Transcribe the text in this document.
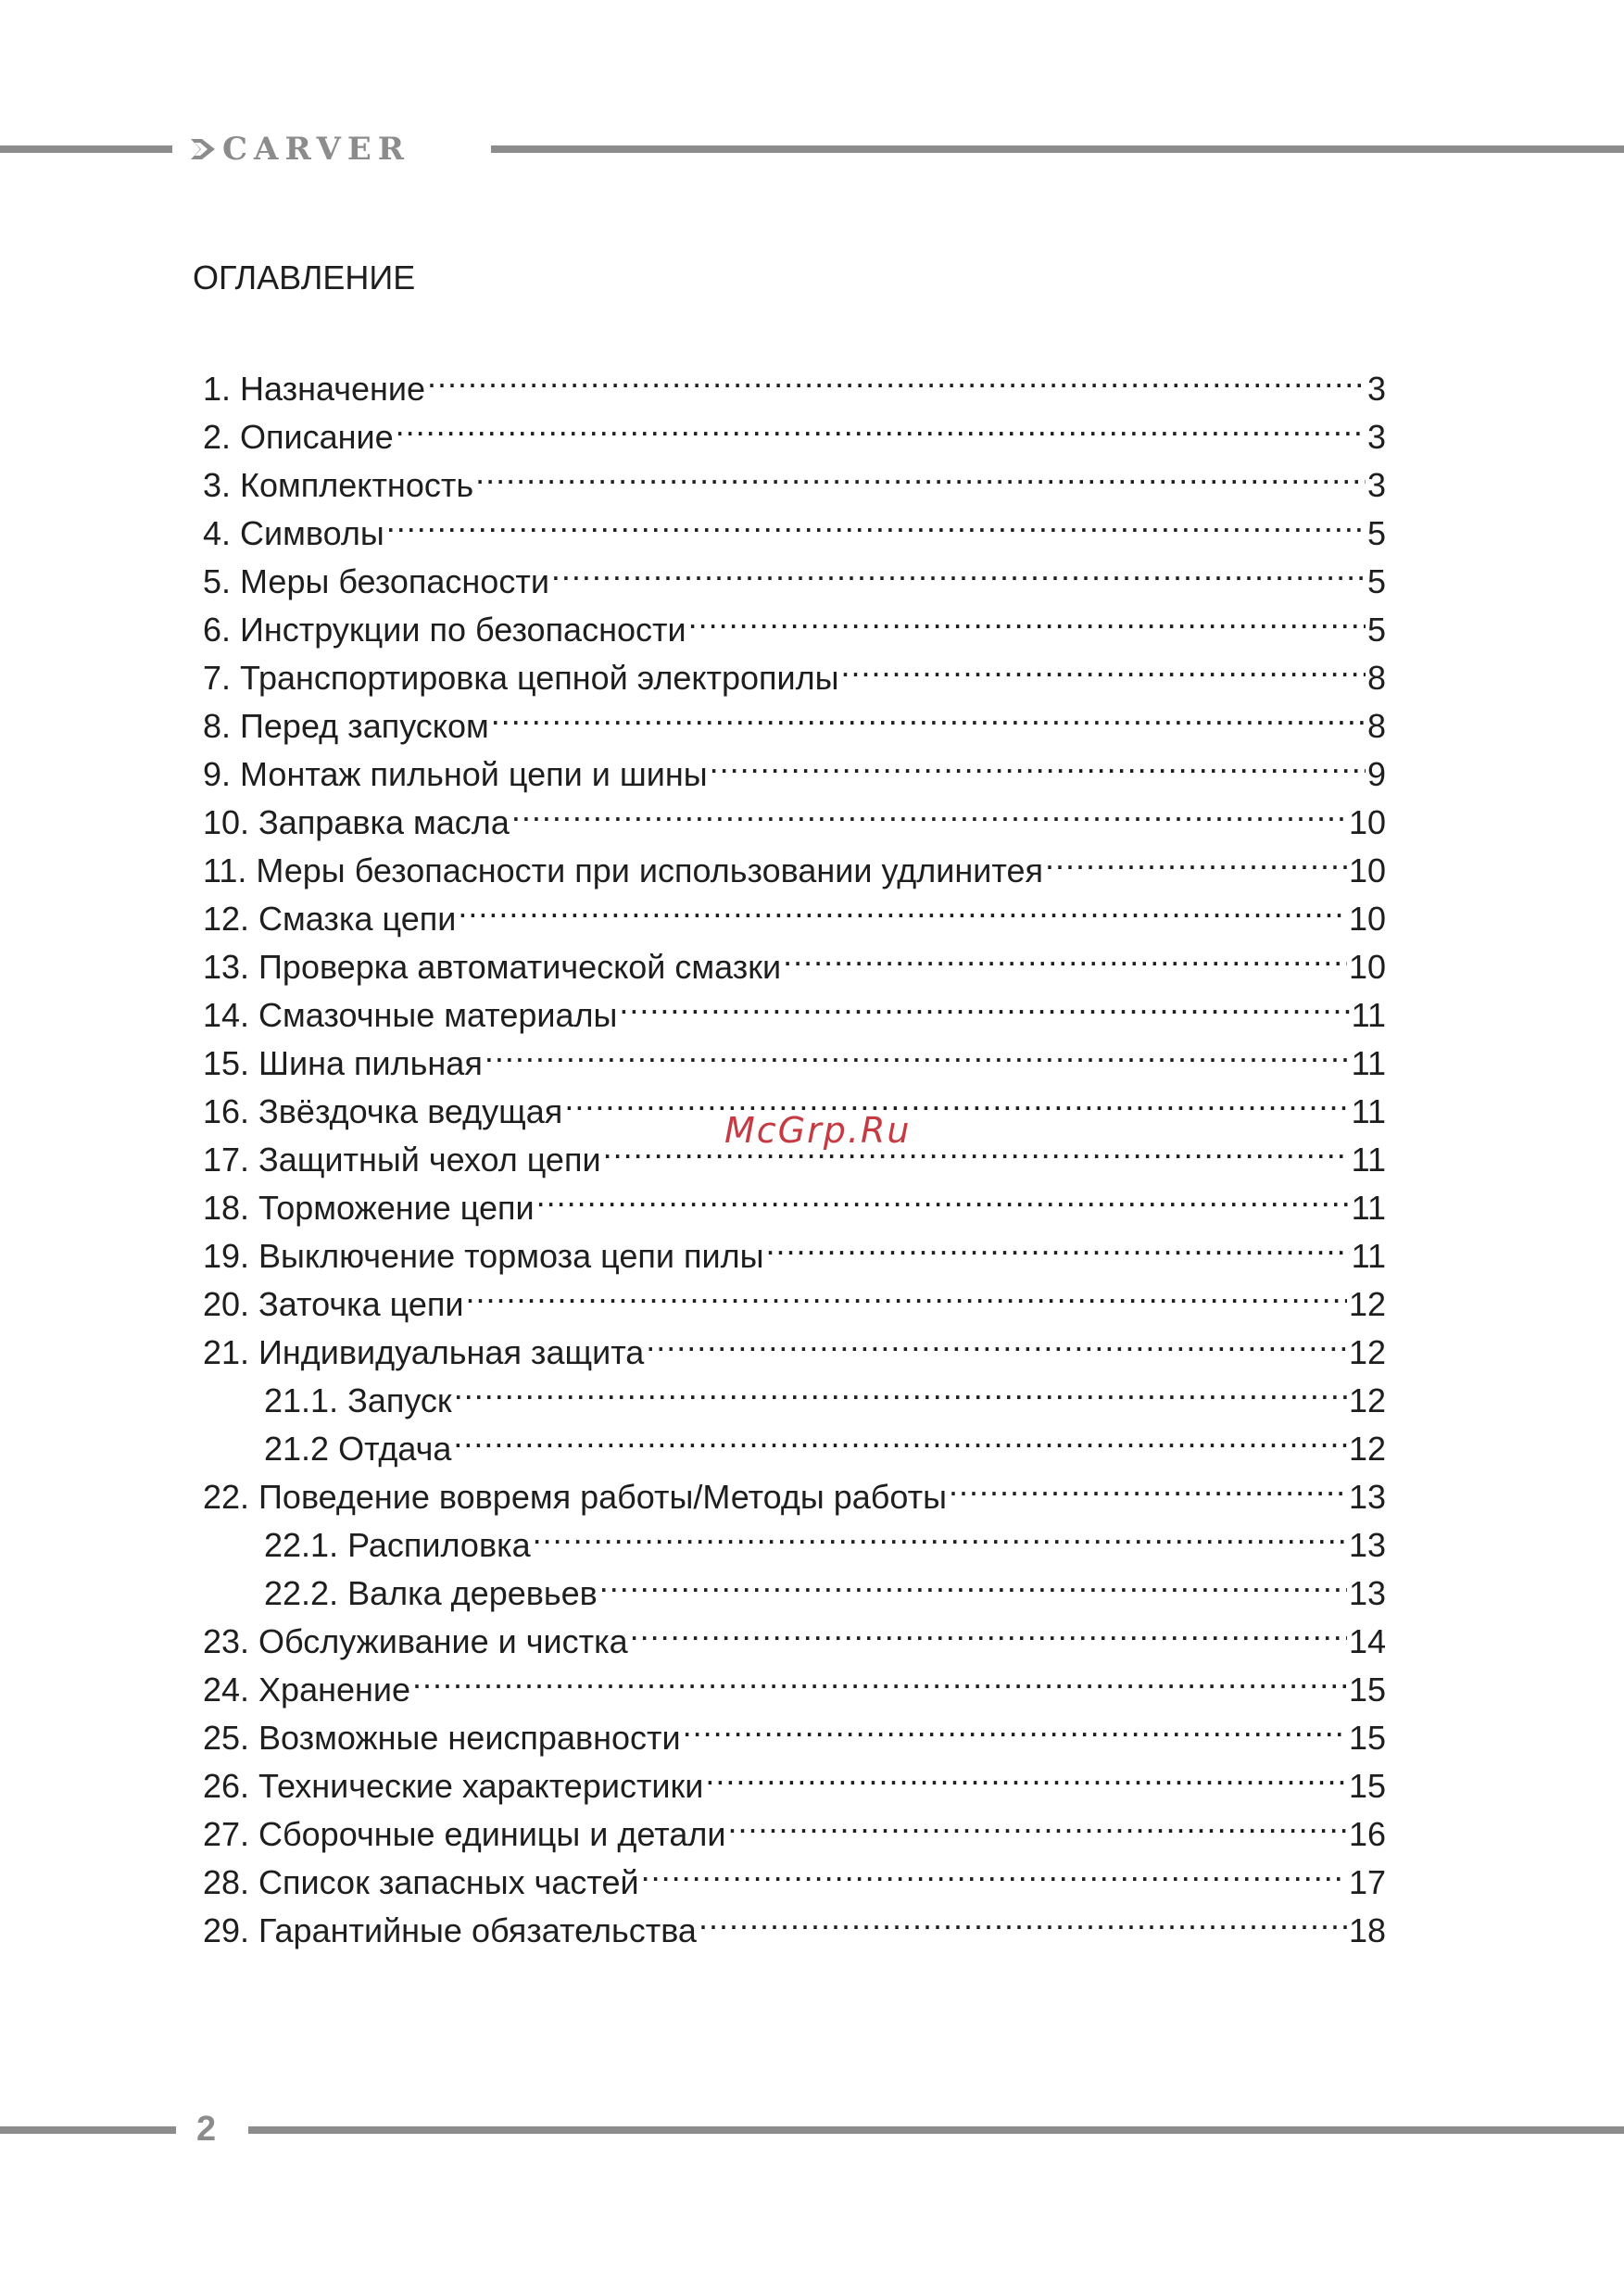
CARVER
ОГЛАВЛЕНИЕ
1. Назначение .....	3
2. Описание .....	3
3. Комплектность .....	3
4. Символы .....	5
5. Меры безопасности .....	5
6. Инструкции по безопасности .....	5
7. Транспортировка цепной электропилы .....	8
8. Перед запуском .....	8
9. Монтаж пильной цепи и шины .....	9
10. Заправка масла .....	10
11. Меры безопасности при использовании удлинитея .....	10
12. Смазка цепи .....	10
13. Проверка автоматической смазки .....	10
14. Смазочные материалы .....	11
15. Шина пильная .....	11
16. Звёздочка ведущая .....	11
17. Защитный чехол цепи .....	11
18. Торможение цепи .....	11
19. Выключение тормоза цепи пилы .....	11
20. Заточка цепи .....	12
21. Индивидуальная защита .....	12
21.1. Запуск .....	12
21.2 Отдача .....	12
22. Поведение вовремя работы/Методы работы .....	13
22.1. Распиловка .....	13
22.2. Валка деревьев .....	13
23. Обслуживание и чистка .....	14
24. Хранение .....	15
25. Возможные неисправности .....	15
26. Технические характеристики .....	15
27. Сборочные единицы и детали .....	16
28. Список запасных частей .....	17
29. Гарантийные обязательства .....	18
McGrp.Ru
2
